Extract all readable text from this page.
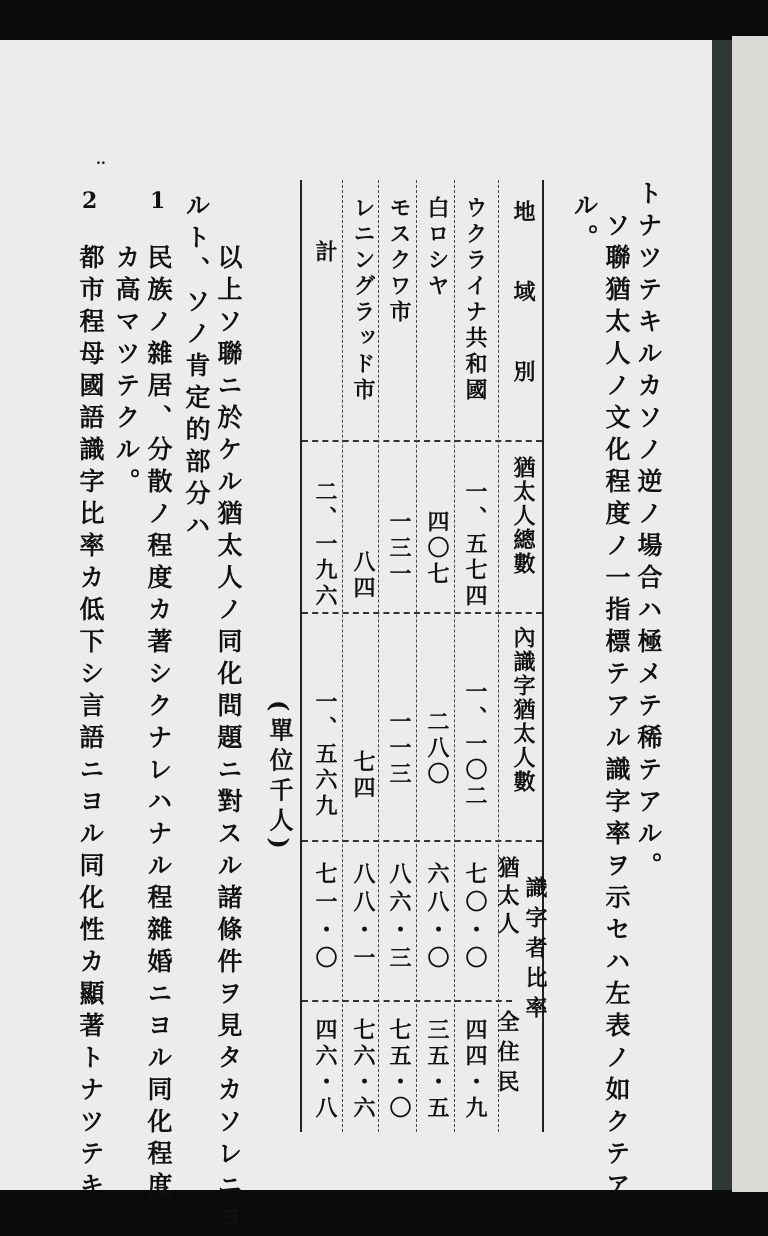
..
トナツテキルカソノ逆ノ場合ハ極メテ稀テアル。
ソ聯猶太人ノ文化程度ノ一指標テアル識字率ヲ示セハ左表ノ如クテア
ル。
地域別
猶太人總數
內識字猶太人數
識字者比率
猶太人
全住民
ウクライナ共和國
一、五七四
一、一〇二
七〇・〇
四四・九
白ロシヤ
四〇七
二八〇
六八・〇
三五・五
モスクワ市
一三一
一一三
八六・三
七五・〇
レニングラッド市
八四
七四
八八・一
七六・六
計
二、一九六
一、五六九
七一・〇
四六・八
(單位千人)
以上ソ聯ニ於ケル猶太人ノ同化問題ニ對スル諸條件ヲ見タカソレニヨ
ルト、ソノ肯定的部分ハ
1
民族ノ雜居、分散ノ程度カ著シクナレハナル程雜婚ニヨル同化程度
カ高マツテクル。
2
都市程母國語識字比率カ低下シ言語ニヨル同化性カ顯著トナツテキ
